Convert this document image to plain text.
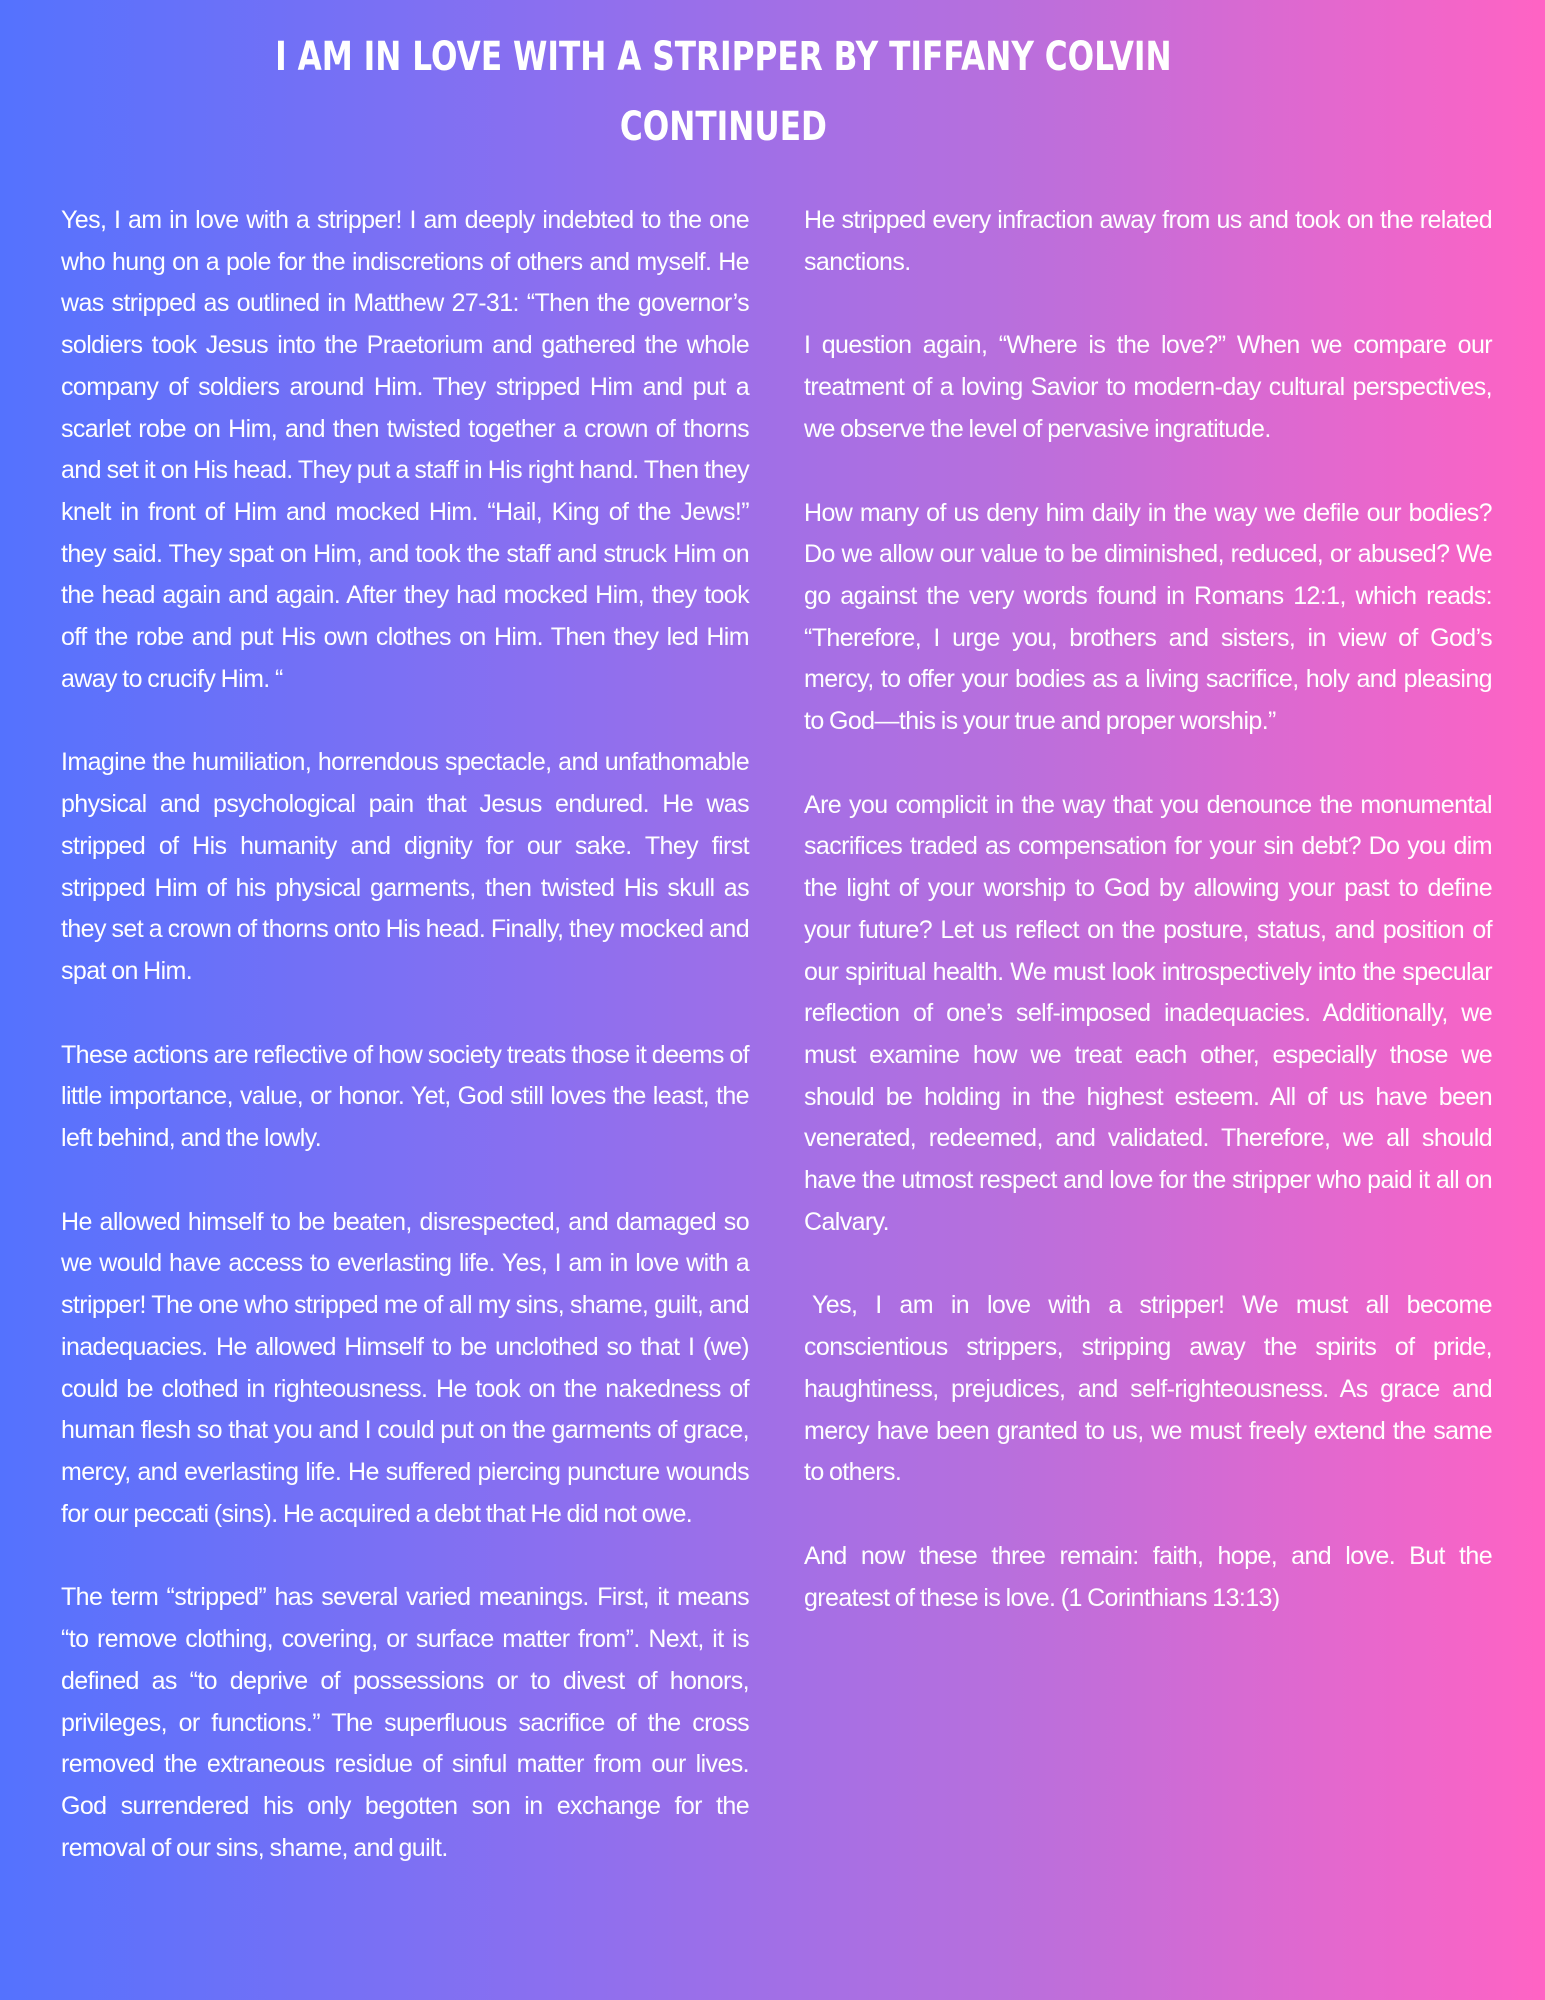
I AM IN LOVE WITH A STRIPPER BY TIFFANY COLVIN
CONTINUED

Yes, I am in love with a stripper! I am deeply indebted to the one who hung on a pole for the indiscretions of others and myself. He was stripped as outlined in Matthew 27-31: “Then the governor’s soldiers took Jesus into the Praetorium and gathered the whole company of soldiers around Him. They stripped Him and put a scarlet robe on Him, and then twisted together a crown of thorns and set it on His head. They put a staff in His right hand. Then they knelt in front of Him and mocked Him. “Hail, King of the Jews!” they said. They spat on Him, and took the staff and struck Him on the head again and again. After they had mocked Him, they took off the robe and put His own clothes on Him. Then they led Him away to crucify Him. “

Imagine the humiliation, horrendous spectacle, and unfathomable physical and psychological pain that Jesus endured. He was stripped of His humanity and dignity for our sake. They first stripped Him of his physical garments, then twisted His skull as they set a crown of thorns onto His head. Finally, they mocked and spat on Him.

These actions are reflective of how society treats those it deems of little importance, value, or honor. Yet, God still loves the least, the left behind, and the lowly.

He allowed himself to be beaten, disrespected, and damaged so we would have access to everlasting life. Yes, I am in love with a stripper! The one who stripped me of all my sins, shame, guilt, and inadequacies. He allowed Himself to be unclothed so that I (we) could be clothed in righteousness. He took on the nakedness of human flesh so that you and I could put on the garments of grace, mercy, and everlasting life. He suffered piercing puncture wounds for our peccati (sins). He acquired a debt that He did not owe.

The term “stripped” has several varied meanings. First, it means “to remove clothing, covering, or surface matter from”. Next, it is defined as “to deprive of possessions or to divest of honors, privileges, or functions.” The superfluous sacrifice of the cross removed the extraneous residue of sinful matter from our lives. God surrendered his only begotten son in exchange for the removal of our sins, shame, and guilt.

He stripped every infraction away from us and took on the related sanctions.

I question again, “Where is the love?” When we compare our treatment of a loving Savior to modern-day cultural perspectives, we observe the level of pervasive ingratitude.

How many of us deny him daily in the way we defile our bodies? Do we allow our value to be diminished, reduced, or abused? We go against the very words found in Romans 12:1, which reads: “Therefore, I urge you, brothers and sisters, in view of God’s mercy, to offer your bodies as a living sacrifice, holy and pleasing to God—this is your true and proper worship.”

Are you complicit in the way that you denounce the monumental sacrifices traded as compensation for your sin debt? Do you dim the light of your worship to God by allowing your past to define your future? Let us reflect on the posture, status, and position of our spiritual health. We must look introspectively into the specular reflection of one’s self-imposed inadequacies. Additionally, we must examine how we treat each other, especially those we should be holding in the highest esteem. All of us have been venerated, redeemed, and validated. Therefore, we all should have the utmost respect and love for the stripper who paid it all on Calvary.

Yes, I am in love with a stripper! We must all become conscientious strippers, stripping away the spirits of pride, haughtiness, prejudices, and self-righteousness. As grace and mercy have been granted to us, we must freely extend the same to others.

And now these three remain: faith, hope, and love. But the greatest of these is love. (1 Corinthians 13:13)
